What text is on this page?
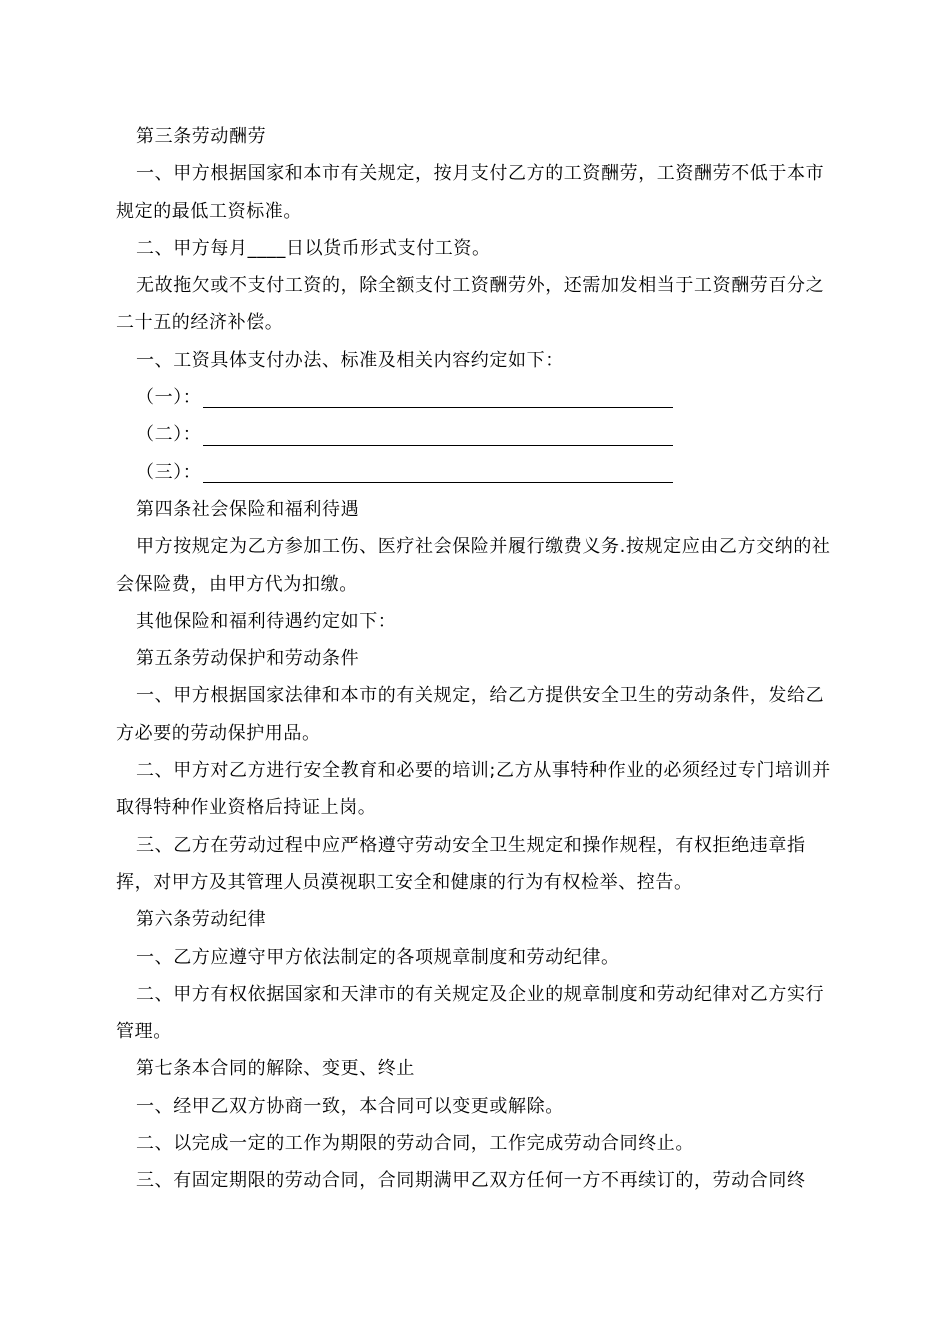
第三条劳动酬劳
一、甲方根据国家和本市有关规定，按月支付乙方的工资酬劳，工资酬劳不低于本市规定的最低工资标准。
二、甲方每月____日以货币形式支付工资。
无故拖欠或不支付工资的，除全额支付工资酬劳外，还需加发相当于工资酬劳百分之二十五的经济补偿。
一、工资具体支付办法、标准及相关内容约定如下：
（一）：
（二）：
（三）：
第四条社会保险和福利待遇
甲方按规定为乙方参加工伤、医疗社会保险并履行缴费义务.按规定应由乙方交纳的社会保险费，由甲方代为扣缴。
其他保险和福利待遇约定如下：
第五条劳动保护和劳动条件
一、甲方根据国家法律和本市的有关规定，给乙方提供安全卫生的劳动条件，发给乙方必要的劳动保护用品。
二、甲方对乙方进行安全教育和必要的培训;乙方从事特种作业的必须经过专门培训并取得特种作业资格后持证上岗。
三、乙方在劳动过程中应严格遵守劳动安全卫生规定和操作规程，有权拒绝违章指挥，对甲方及其管理人员漠视职工安全和健康的行为有权检举、控告。
第六条劳动纪律
一、乙方应遵守甲方依法制定的各项规章制度和劳动纪律。
二、甲方有权依据国家和天津市的有关规定及企业的规章制度和劳动纪律对乙方实行管理。
第七条本合同的解除、变更、终止
一、经甲乙双方协商一致，本合同可以变更或解除。
二、以完成一定的工作为期限的劳动合同，工作完成劳动合同终止。
三、有固定期限的劳动合同，合同期满甲乙双方任何一方不再续订的，劳动合同终
